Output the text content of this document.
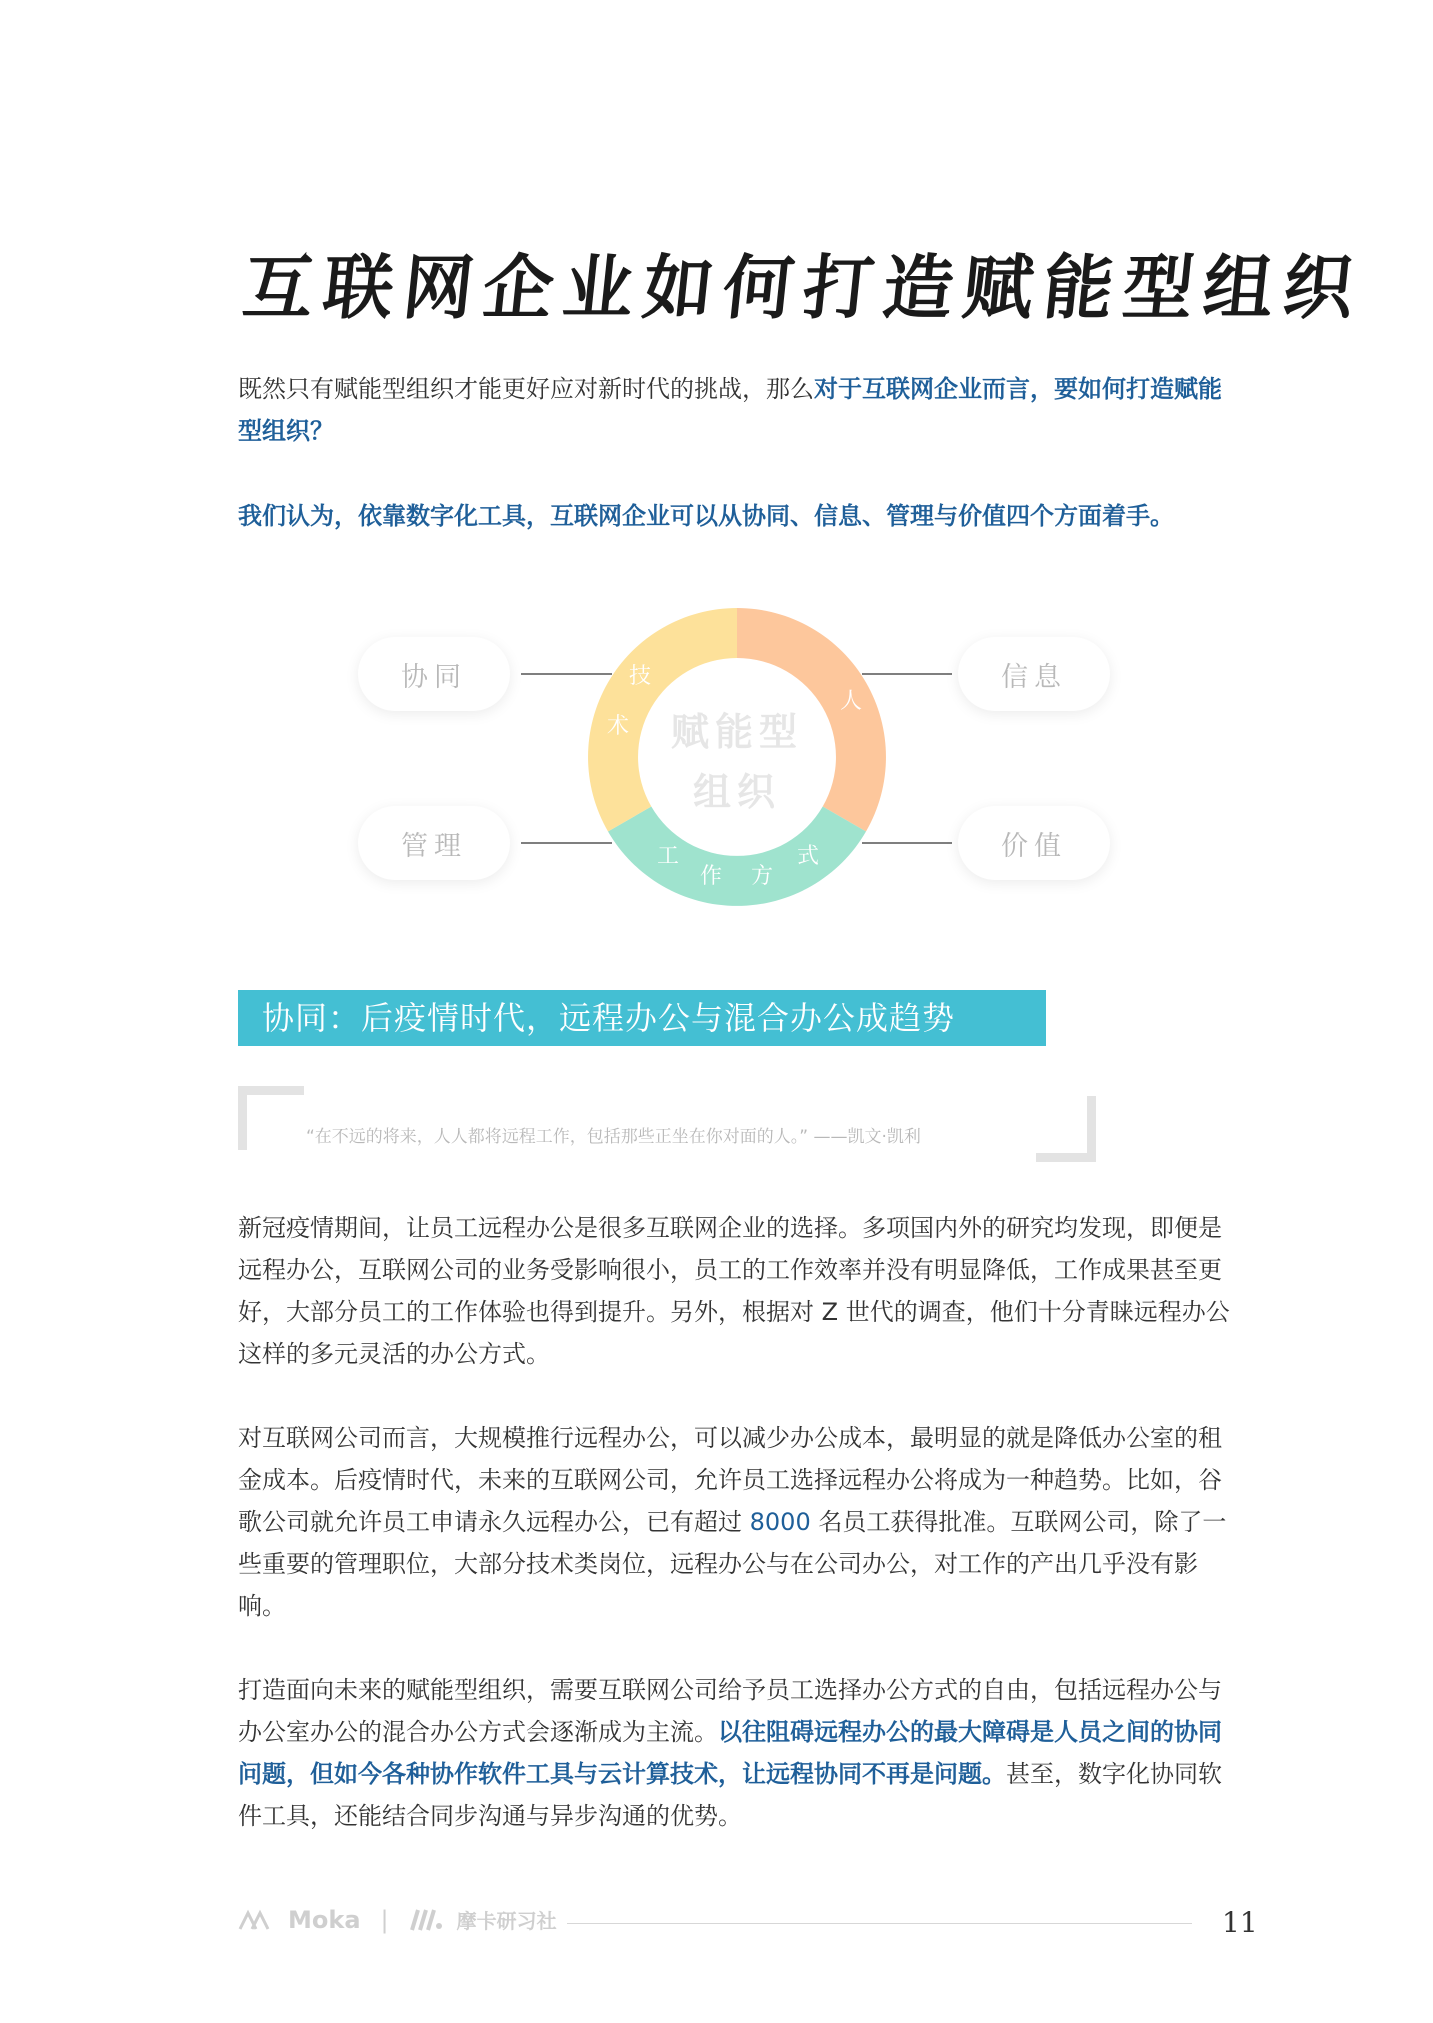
互联网企业如何打造赋能型组织

既然只有赋能型组织才能更好应对新时代的挑战，那么对于互联网企业而言，要如何打造赋能型组织？

我们认为，依靠数字化工具，互联网企业可以从协同、信息、管理与价值四个方面着手。

技
术
人
工
作 方
式
赋能型
组织
协同	信息
管理	价值
协同：后疫情时代，远程办公与混合办公成趋势
“在不远的将来，人人都将远程工作，包括那些正坐在你对面的人。” ——凯文·凯利

新冠疫情期间，让员工远程办公是很多互联网企业的选择。多项国内外的研究均发现，即便是远程办公，互联网公司的业务受影响很小，员工的工作效率并没有明显降低，工作成果甚至更好，大部分员工的工作体验也得到提升。另外，根据对 Z 世代的调查，他们十分青睐远程办公这样的多元灵活的办公方式。

对互联网公司而言，大规模推行远程办公，可以减少办公成本，最明显的就是降低办公室的租金成本。后疫情时代，未来的互联网公司，允许员工选择远程办公将成为一种趋势。比如，谷歌公司就允许员工申请永久远程办公，已有超过 8000 名员工获得批准。互联网公司，除了一些重要的管理职位，大部分技术类岗位，远程办公与在公司办公，对工作的产出几乎没有影响。

打造面向未来的赋能型组织，需要互联网公司给予员工选择办公方式的自由，包括远程办公与办公室办公的混合办公方式会逐渐成为主流。以往阻碍远程办公的最大障碍是人员之间的协同问题，但如今各种协作软件工具与云计算技术，让远程协同不再是问题。甚至，数字化协同软件工具，还能结合同步沟通与异步沟通的优势。

Moka |	摩卡研习社	11
